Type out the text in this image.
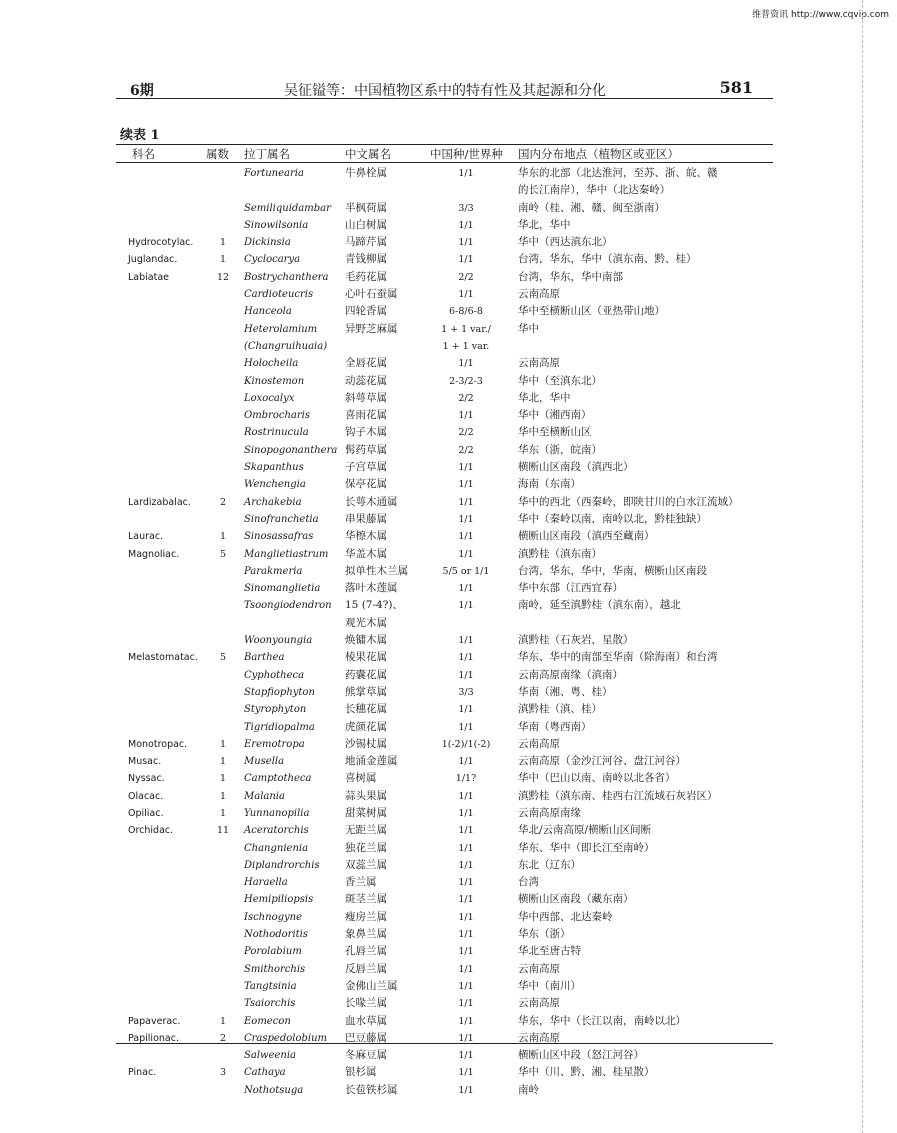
维普资讯 http://www.cqvip.com
6期	吴征镒等：中国植物区系中的特有性及其起源和分化	581
续表 1
科名	属数 拉丁属名	中文属名	中国种/世界种 国内分布地点（植物区或亚区）
Fortunearia	牛鼻栓属	1/1	华东的北部（北达淮河，至苏、浙、皖、赣
的长江南岸），华中（北达秦岭）
Semiliquidambar 半枫荷属	3/3	南岭（桂、湘、赣、闽至浙南）
Sinowilsonia	山白树属	1/1	华北，华中
Hydrocotylac.	1 Dickinsia	马蹄芹属	1/1	华中（西达滇东北）
Juglandac.	1 Cyclocarya	青钱柳属	1/1	台湾，华东，华中（滇东南、黔、桂）
Labiatae	12 Bostrychanthera 毛药花属	2/2	台湾，华东，华中南部
Cardioteucris	心叶石蚕属	1/1	云南高原
Hanceola	四轮香属	6-8/6-8	华中至横断山区（亚热带山地）
Heterolamium	异野芝麻属	1 + 1 var./	华中
(Changruihuaia)	1 + 1 var.
Holocheila	全唇花属	1/1	云南高原
Kinostemon	动蕊花属	2-3/2-3	华中（至滇东北）
Loxocalyx	斜萼草属	2/2	华北，华中
Ombrocharis	喜雨花属	1/1	华中（湘西南）
Rostrinucula	钩子木属	2/2	华中至横断山区
Sinopogonanthera 髯药草属	2/2	华东（浙，皖南）
Skapanthus	子宫草属	1/1	横断山区南段（滇西北）
Wenchengia	保亭花属	1/1	海南（东南）
Lardizabalac.	2 Archakebia	长萼木通属	1/1	华中的西北（西秦岭，即陕甘川的白水江流域）
Sinofranchetia	串果藤属	1/1	华中（秦岭以南，南岭以北，黔桂独缺）
Laurac.	1 Sinosassafras	华檫木属	1/1	横断山区南段（滇西至藏南）
Magnoliac.	5 Manglietiastrum 华盖木属	1/1	滇黔桂（滇东南）
Parakmeria	拟单性木兰属	5/5 or 1/1	台湾，华东，华中，华南，横断山区南段
Sinomanglietia 落叶木莲属	1/1	华中东部（江西宜春）
Tsoongiodendron 15 (7-4?)、	1/1	南岭，延至滇黔桂（滇东南），越北
观光木属
Woonyoungia	焕镛木属	1/1	滇黔桂（石灰岩，星散）
Melastomatac.	5 Barthea	棱果花属	1/1	华东、华中的南部至华南（除海南）和台湾
Cyphotheca	药囊花属	1/1	云南高原南缘（滇南）
Stapfiophyton	熊掌草属	3/3	华南（湘、粤、桂）
Styrophyton	长穗花属	1/1	滇黔桂（滇、桂）
Tigridiopalma	虎颜花属	1/1	华南（粤西南）
Monotropac.	1 Eremotropa	沙锡杖属	1(-2)/1(-2)	云南高原
Musac.	1 Musella	地涌金莲属	1/1	云南高原（金沙江河谷、盘江河谷）
Nyssac.	1 Camptotheca	喜树属	1/1?	华中（巴山以南、南岭以北各省）
Olacac.	1 Malania	蒜头果属	1/1	滇黔桂（滇东南、桂西右江流域石灰岩区）
Opiliac.	1 Yunnanopilia	甜菜树属	1/1	云南高原南缘
Orchidac.	11 Aceratorchis	无距兰属	1/1	华北/云南高原/横断山区间断
Changnienia	独花兰属	1/1	华东、华中（即长江至南岭）
Diplandrorchis 双蕊兰属	1/1	东北（辽东）
Haraella	香兰属	1/1	台湾
Hemipiliopsis	斑茎兰属	1/1	横断山区南段（藏东南）
Ischnogyne	瘦房兰属	1/1	华中西部、北达秦岭
Nothodoritis	象鼻兰属	1/1	华东（浙）
Porolabium	孔唇兰属	1/1	华北至唐古特
Smithorchis	反唇兰属	1/1	云南高原
Tangtsinia	金佛山兰属	1/1	华中（南川）
Tsaiorchis	长喙兰属	1/1	云南高原
Papaverac.	1 Eomecon	血水草属	1/1	华东，华中（长江以南，南岭以北）
Papilionac.	2 Craspedolobium 巴豆藤属	1/1	云南高原
Salweenia	冬麻豆属	1/1	横断山区中段（怒江河谷）
Pinac.	3 Cathaya	银杉属	1/1	华中（川、黔、湘、桂星散）
Nothotsuga	长苞铁杉属	1/1	南岭
